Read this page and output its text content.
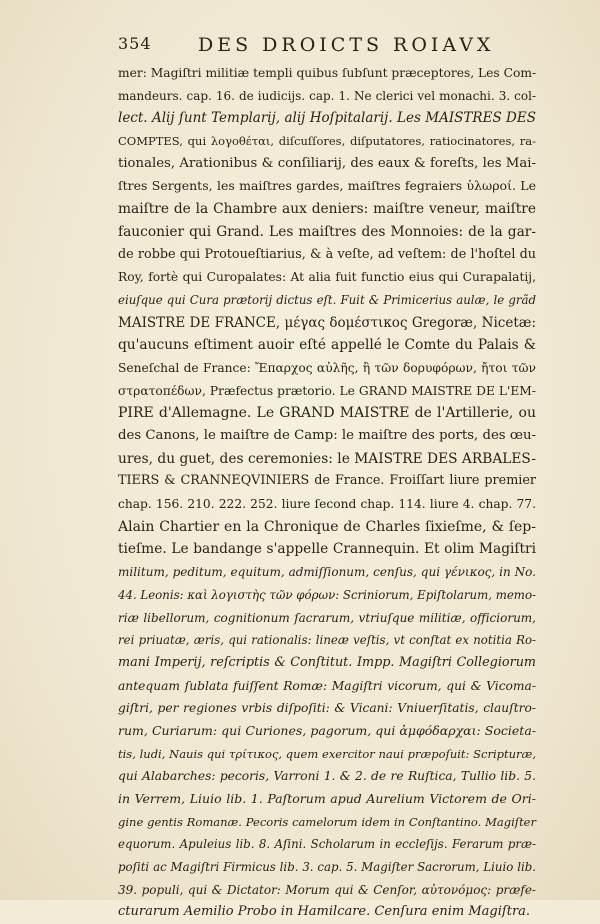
354 DES DROICTS ROIAVX
mer: Magiſtri militiæ templi quibus ſubſunt præceptores, Les Com-
mandeurs. cap. 16. de iudicijs. cap. 1. Ne clerici vel monachi. 3. col-
lect. Alij ſunt Templarij, alij Hoſpitalarij. Les MAISTRES DES
COMPTES, qui λογοθέται, diſcuſſores, diſputatores, ratiocinatores, ra-
tionales, Arationibus & conſiliarij, des eaux & foreſts, les Mai-
ſtres Sergents, les maiſtres gardes, maiſtres fegraiers ὑλωροί. Le
maiſtre de la Chambre aux deniers: maiſtre veneur, maiſtre
fauconier qui Grand. Les maiſtres des Monnoies: de la gar-
de robbe qui Protoueſtiarius, & à veſte, ad veſtem: de l'hoſtel du
Roy, fortè qui Curopalates: At alia fuit functio eius qui Curapalatij,
eiuſque qui Cura prætorij dictus eſt. Fuit & Primicerius aulæ, le grãd
MAISTRE DE FRANCE, μέγας δομέστικος Gregoræ, Nicetæ:
qu'aucuns eſtiment auoir eſté appellé le Comte du Palais &
Seneſchal de France: Ἔπαρχος αὐλῆς, ἢ τῶν δορυφόρων, ἤτοι τῶν
στρατοπέδων, Præfectus prætorio. Le GRAND MAISTRE DE L'EM-
PIRE d'Allemagne. Le GRAND MAISTRE de l'Artillerie, ou
des Canons, le maiſtre de Camp: le maiſtre des ports, des œu-
ures, du guet, des ceremonies: le MAISTRE DES ARBALES-
TIERS & CRANNEQVINIERS de France. Froiſſart liure premier
chap. 156. 210. 222. 252. liure ſecond chap. 114. liure 4. chap. 77.
Alain Chartier en la Chronique de Charles ſixieſme, & ſep-
tieſme. Le bandange s'appelle Crannequin. Et olim Magiſtri
militum, peditum, equitum, admiſſionum, cenſus, qui γένικος, in No.
44. Leonis: καὶ λογιστὴς τῶν φόρων: Scriniorum, Epiſtolarum, memo-
riæ libellorum, cognitionum ſacrarum, vtriuſque militiæ, officiorum,
rei priuatæ, æris, qui rationalis: lineæ veſtis, vt conſtat ex notitia Ro-
mani Imperij, reſcriptis & Conſtitut. Impp. Magiſtri Collegiorum
antequam ſublata fuiſſent Romæ: Magiſtri vicorum, qui & Vicoma-
giſtri, per regiones vrbis diſpoſiti: & Vicani: Vniuerſitatis, clauſtro-
rum, Curiarum: qui Curiones, pagorum, qui ἀμφόδαρχαι: Societa-
tis, ludi, Nauis qui τρίτικος, quem exercitor naui præpoſuit: Scripturæ,
qui Alabarches: pecoris, Varroni 1. & 2. de re Ruſtica, Tullio lib. 5.
in Verrem, Liuio lib. 1. Paſtorum apud Aurelium Victorem de Ori-
gine gentis Romanæ. Pecoris camelorum idem in Conſtantino. Magiſter
equorum. Apuleius lib. 8. Aſini. Scholarum in eccleſijs. Ferarum præ-
poſiti ac Magiſtri Firmicus lib. 3. cap. 5. Magiſter Sacrorum, Liuio lib.
39. populi, qui & Dictator: Morum qui & Cenſor, αὐτονόμος: præfe-
cturarum Aemilio Probo in Hamilcare. Cenſura enim Magiſtra.
